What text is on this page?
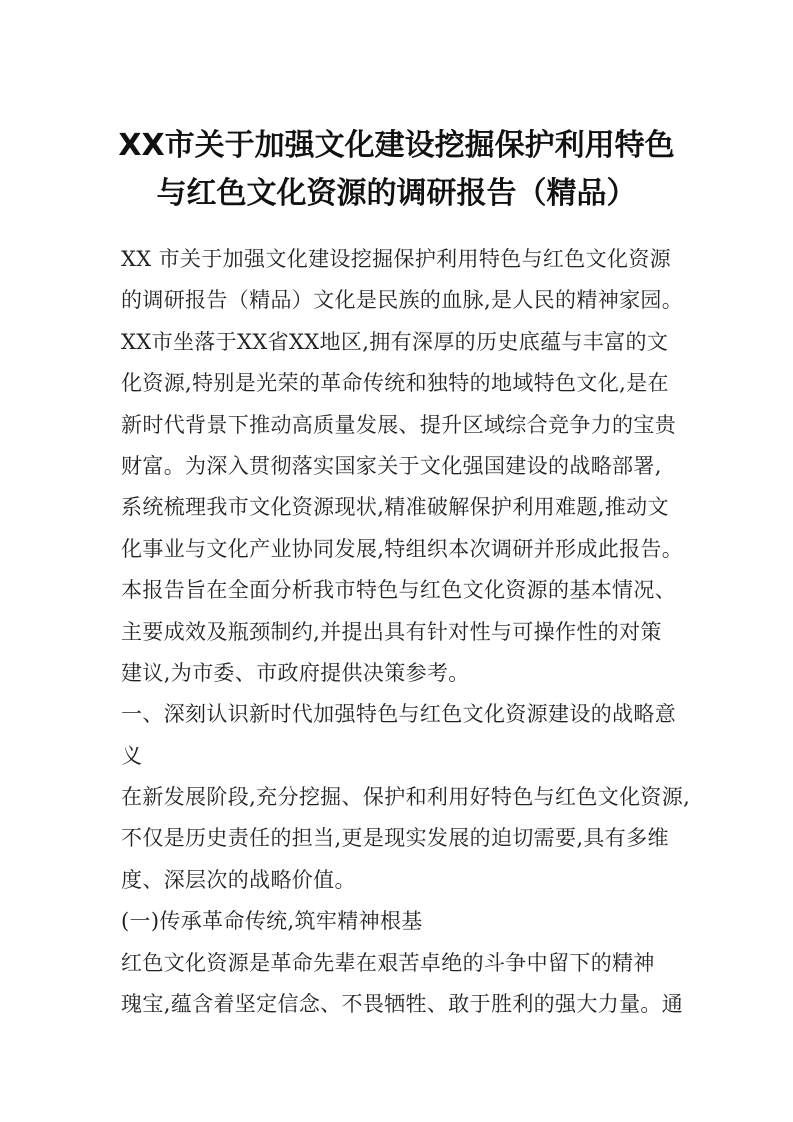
XX市关于加强文化建设挖掘保护利用特色
与红色文化资源的调研报告（精品）
XX 市关于加强文化建设挖掘保护利用特色与红色文化资源
的调研报告（精品）文化是民族的血脉,是人民的精神家园。
XX市坐落于XX省XX地区,拥有深厚的历史底蕴与丰富的文
化资源,特别是光荣的革命传统和独特的地域特色文化,是在
新时代背景下推动高质量发展、提升区域综合竞争力的宝贵
财富。为深入贯彻落实国家关于文化强国建设的战略部署,
系统梳理我市文化资源现状,精准破解保护利用难题,推动文
化事业与文化产业协同发展,特组织本次调研并形成此报告。
本报告旨在全面分析我市特色与红色文化资源的基本情况、
主要成效及瓶颈制约,并提出具有针对性与可操作性的对策
建议,为市委、市政府提供决策参考。
一、深刻认识新时代加强特色与红色文化资源建设的战略意
义
在新发展阶段,充分挖掘、保护和利用好特色与红色文化资源,
不仅是历史责任的担当,更是现实发展的迫切需要,具有多维
度、深层次的战略价值。
(一)传承革命传统,筑牢精神根基
红色文化资源是革命先辈在艰苦卓绝的斗争中留下的精神
瑰宝,蕴含着坚定信念、不畏牺牲、敢于胜利的强大力量。通
